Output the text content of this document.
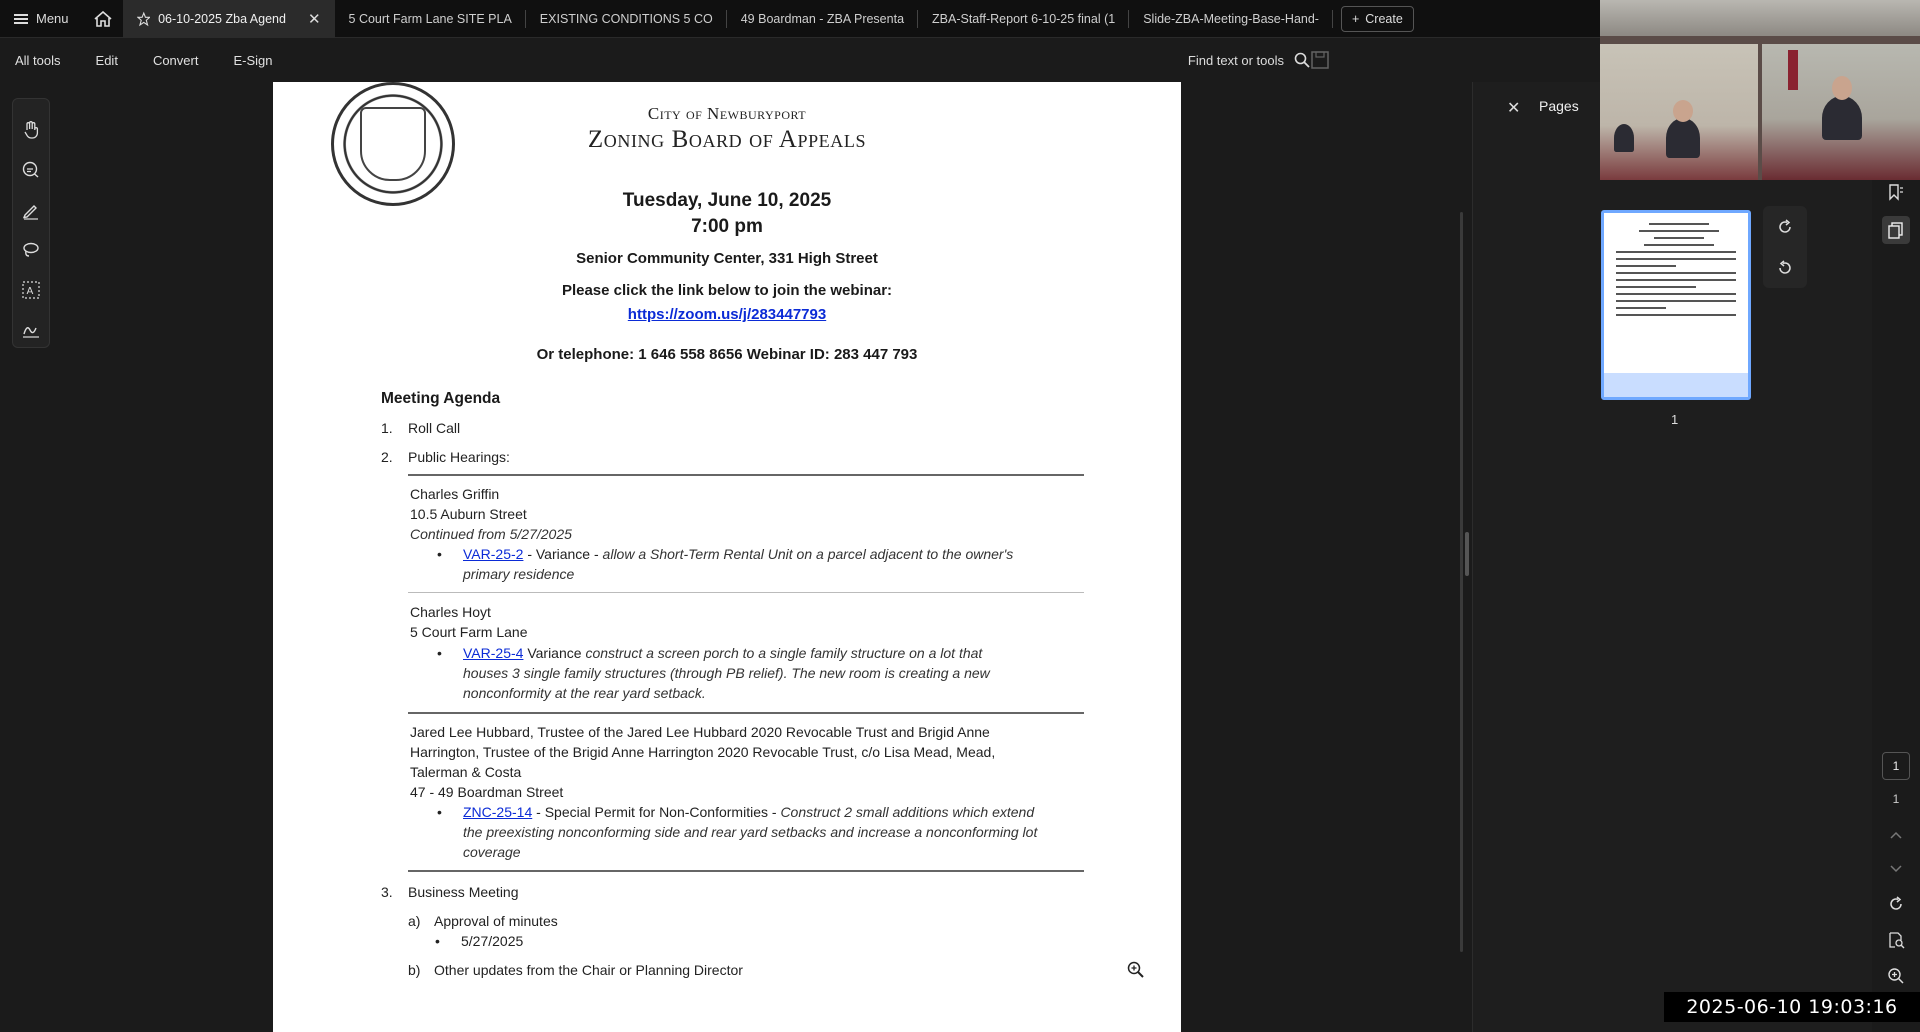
Menu	06-10-2025 Zba Agend ✕ 5 Court Farm Lane SITE PLA EXISTING CONDITIONS 5 CO 49 Boardman - ZBA Presenta ZBA-Staff-Report 6-10-25 final (1 Slide-ZBA-Meeting-Base-Hand-	+ Create
All tools	Edit	Convert	E-Sign	Find text or tools
City of Newburyport
Zoning Board of Appeals
Tuesday, June 10, 2025
7:00 pm
Senior Community Center, 331 High Street
Please click the link below to join the webinar:
https://zoom.us/j/283447793
Or telephone: 1 646 558 8656 Webinar ID: 283 447 793
Meeting Agenda
1. Roll Call
2. Public Hearings:
Charles Griffin
10.5 Auburn Street
Continued from 5/27/2025
• VAR-25-2 - Variance - allow a Short-Term Rental Unit on a parcel adjacent to the owner's
primary residence
Charles Hoyt
5 Court Farm Lane
• VAR-25-4 Variance construct a screen porch to a single family structure on a lot that
houses 3 single family structures (through PB relief). The new room is creating a new
nonconformity at the rear yard setback.
Jared Lee Hubbard, Trustee of the Jared Lee Hubbard 2020 Revocable Trust and Brigid Anne
Harrington, Trustee of the Brigid Anne Harrington 2020 Revocable Trust, c/o Lisa Mead, Mead,
Talerman & Costa
47 - 49 Boardman Street
• ZNC-25-14 - Special Permit for Non-Conformities - Construct 2 small additions which extend
the preexisting nonconforming side and rear yard setbacks and increase a nonconforming lot
coverage
3. Business Meeting
a) Approval of minutes
• 5/27/2025
b) Other updates from the Chair or Planning Director
A
✕ Pages
1
1
1
2025-06-10 19:03:16
